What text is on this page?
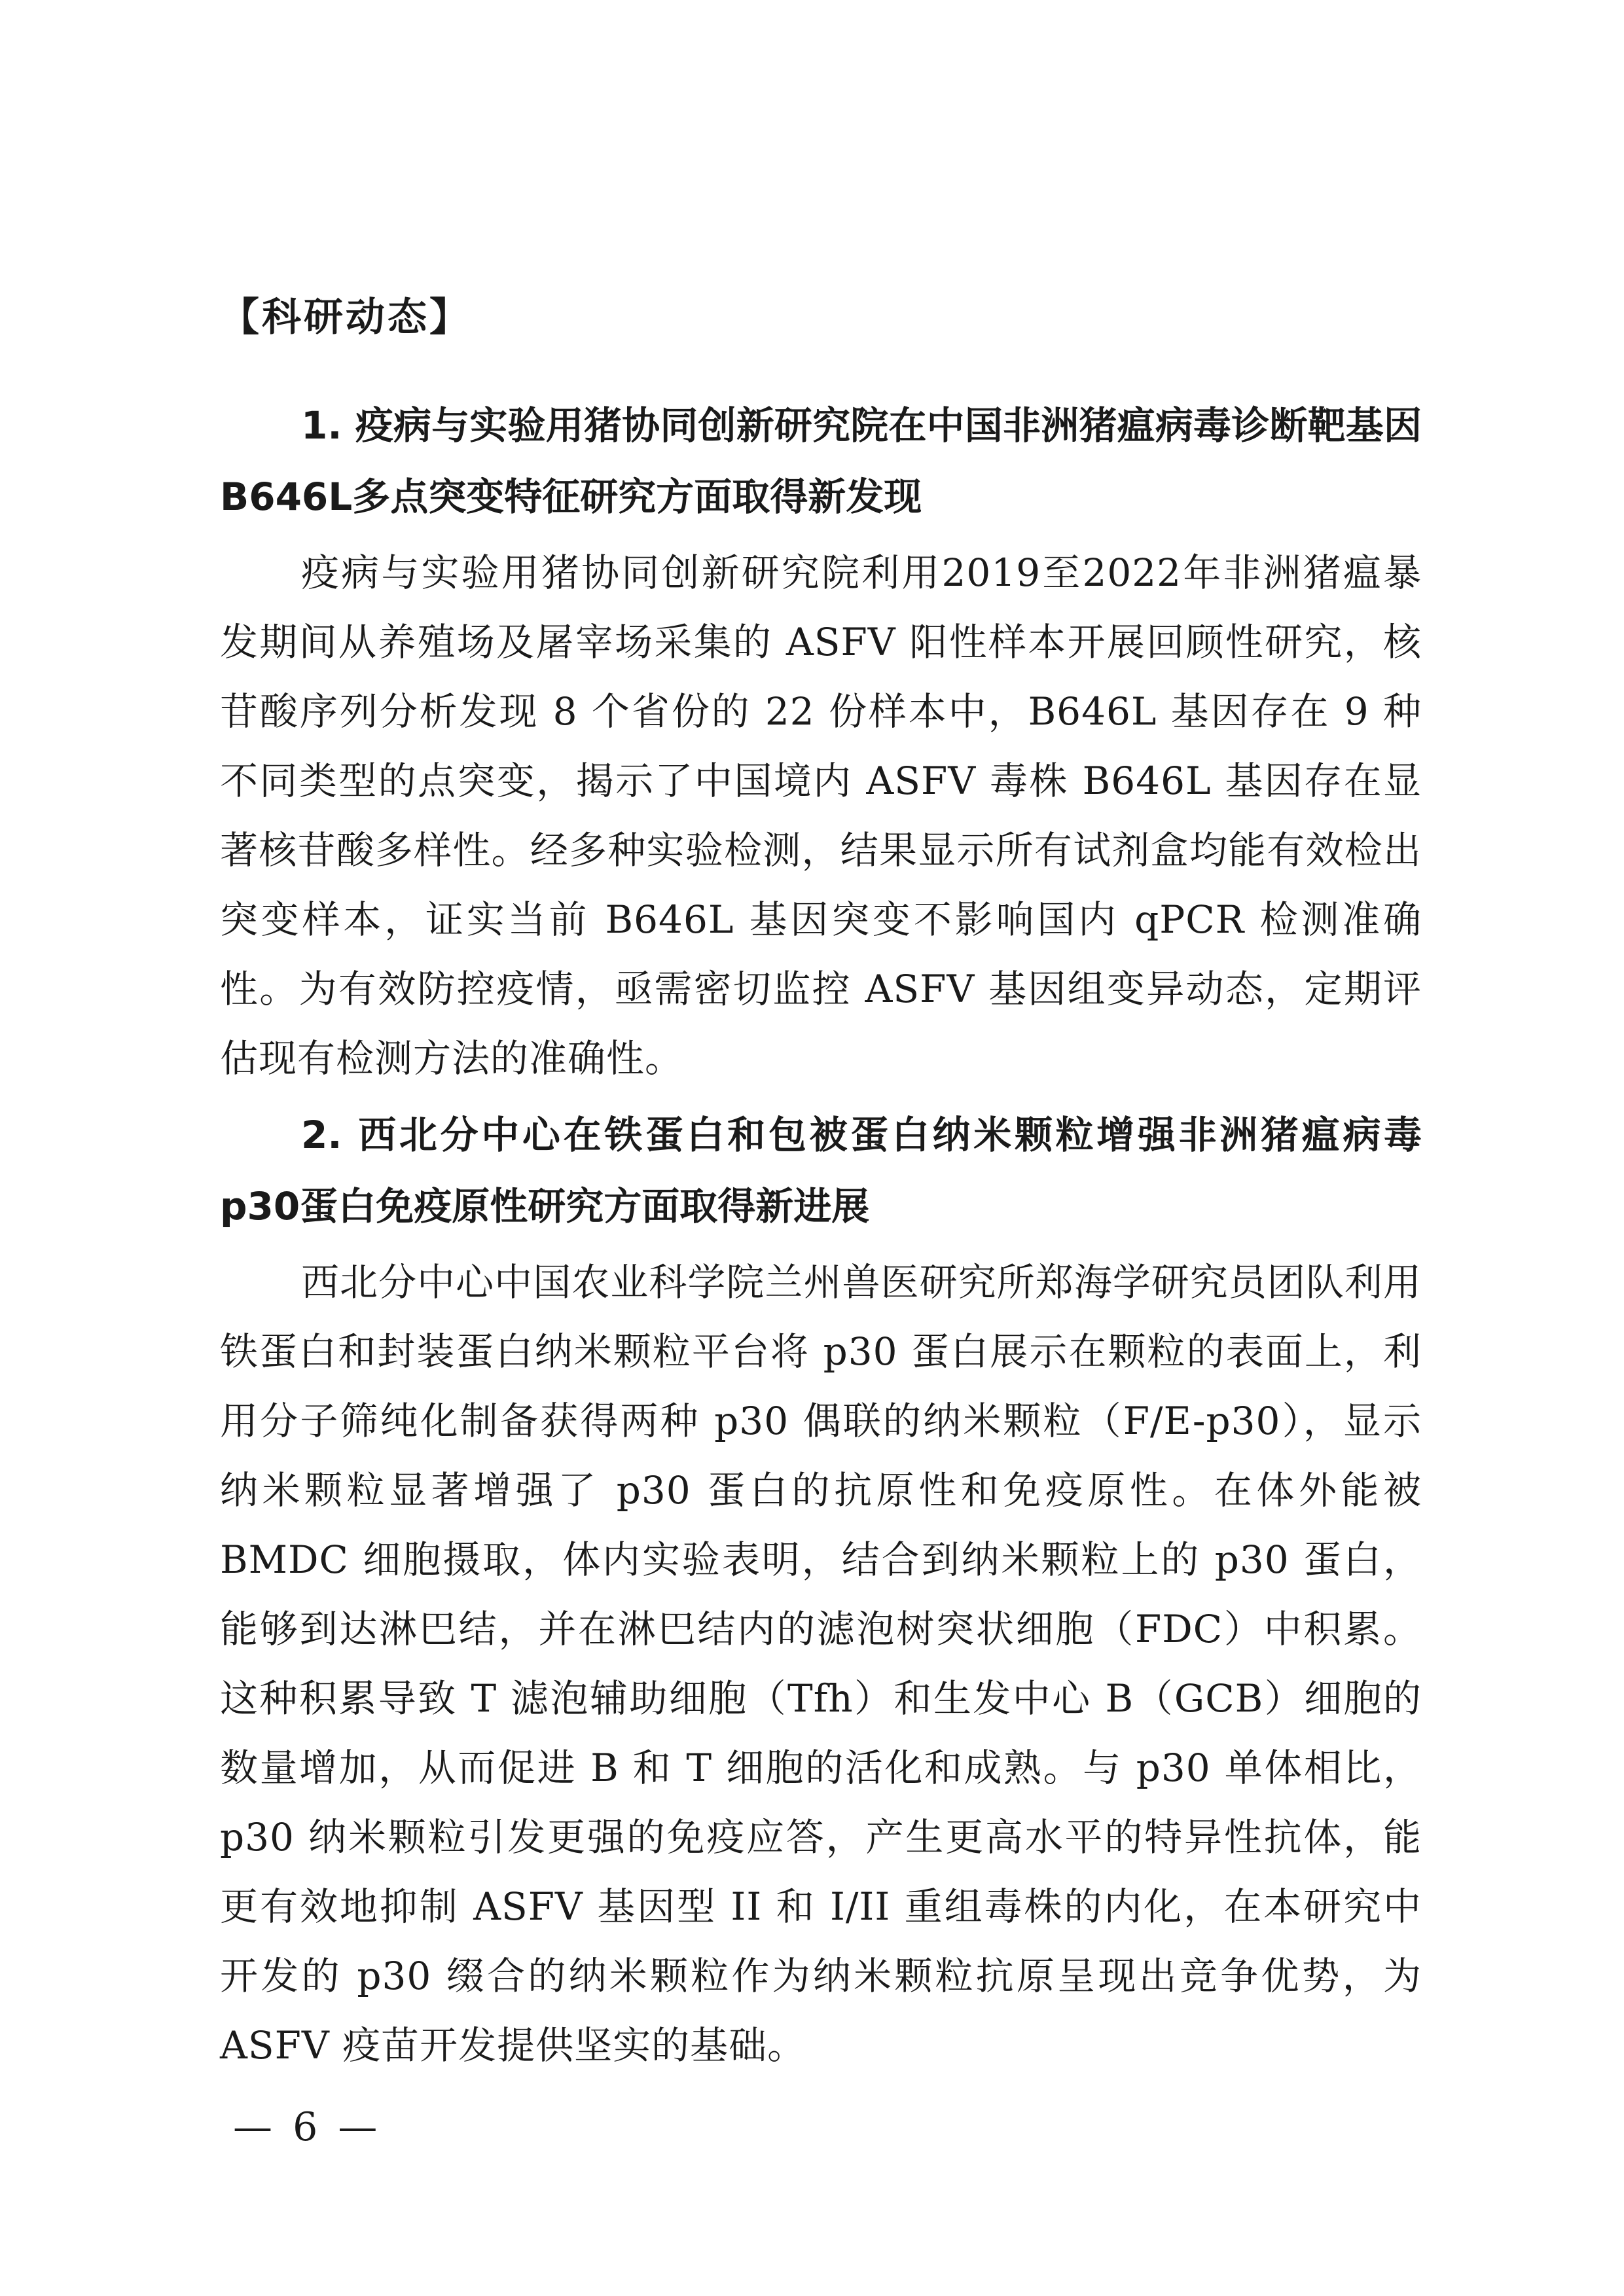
【科研动态】

1. 疫病与实验用猪协同创新研究院在中国非洲猪瘟病毒诊断靶基因B646L多点突变特征研究方面取得新发现

疫病与实验用猪协同创新研究院利用2019至2022年非洲猪瘟暴发期间从养殖场及屠宰场采集的 ASFV 阳性样本开展回顾性研究，核苷酸序列分析发现 8 个省份的 22 份样本中，B646L 基因存在 9 种不同类型的点突变，揭示了中国境内 ASFV 毒株 B646L 基因存在显著核苷酸多样性。经多种实验检测，结果显示所有试剂盒均能有效检出突变样本，证实当前 B646L 基因突变不影响国内 qPCR 检测准确性。为有效防控疫情，亟需密切监控 ASFV 基因组变异动态，定期评估现有检测方法的准确性。

2. 西北分中心在铁蛋白和包被蛋白纳米颗粒增强非洲猪瘟病毒p30蛋白免疫原性研究方面取得新进展

西北分中心中国农业科学院兰州兽医研究所郑海学研究员团队利用铁蛋白和封装蛋白纳米颗粒平台将 p30 蛋白展示在颗粒的表面上，利用分子筛纯化制备获得两种 p30 偶联的纳米颗粒（F/E-p30），显示纳米颗粒显著增强了 p30 蛋白的抗原性和免疫原性。在体外能被 BMDC 细胞摄取，体内实验表明，结合到纳米颗粒上的 p30 蛋白，能够到达淋巴结，并在淋巴结内的滤泡树突状细胞（FDC）中积累。这种积累导致 T 滤泡辅助细胞（Tfh）和生发中心 B（GCB）细胞的数量增加，从而促进 B 和 T 细胞的活化和成熟。与 p30 单体相比，p30 纳米颗粒引发更强的免疫应答，产生更高水平的特异性抗体，能更有效地抑制 ASFV 基因型 II 和 I/II 重组毒株的内化，在本研究中开发的 p30 缀合的纳米颗粒作为纳米颗粒抗原呈现出竞争优势，为 ASFV 疫苗开发提供坚实的基础。

— 6 —
